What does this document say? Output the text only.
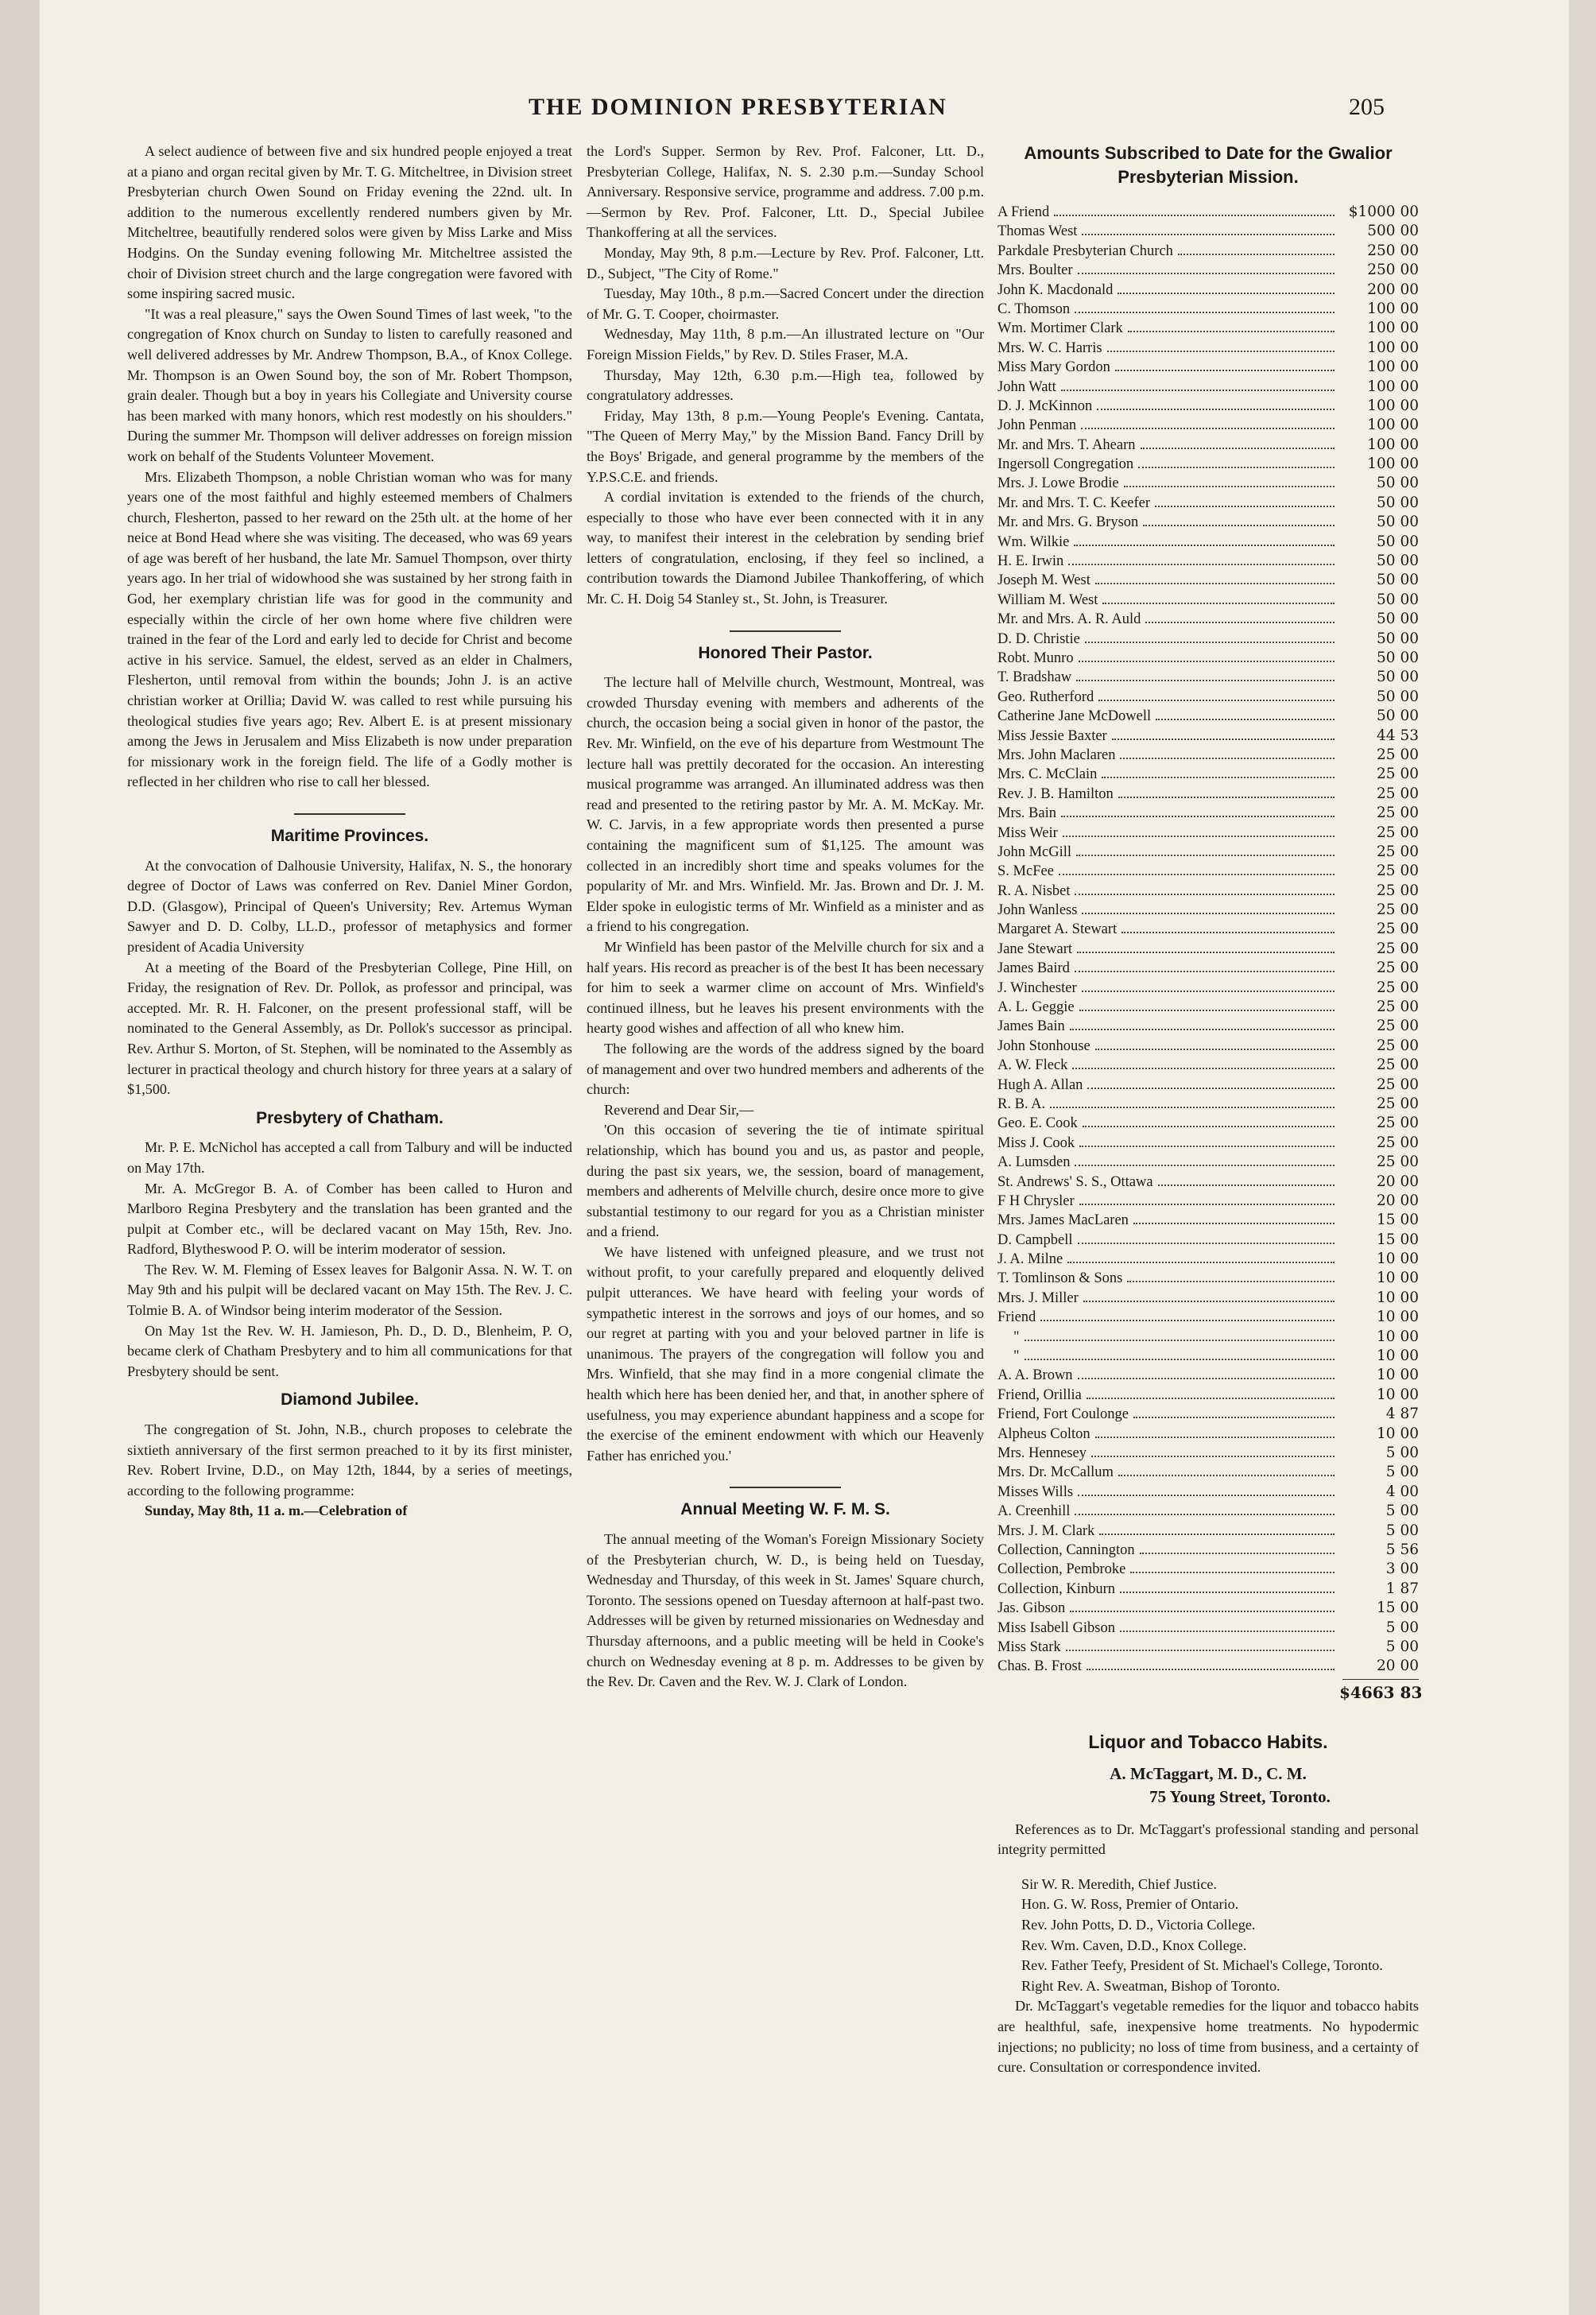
THE DOMINION PRESBYTERIAN	205

A select audience of between five and six hundred people enjoyed a treat at a piano and organ recital given by Mr. T. G. Mitcheltree, in Division street Presbyterian church Owen Sound on Friday evening the 22nd. ult. In addition to the numerous excellently rendered numbers given by Mr. Mitcheltree, beautifully rendered solos were given by Miss Larke and Miss Hodgins. On the Sunday evening following Mr. Mitcheltree assisted the choir of Division street church and the large congregation were favored with some inspiring sacred music.

"It was a real pleasure," says the Owen Sound Times of last week, "to the congregation of Knox church on Sunday to listen to carefully reasoned and well delivered addresses by Mr. Andrew Thompson, B.A., of Knox College. Mr. Thompson is an Owen Sound boy, the son of Mr. Robert Thompson, grain dealer. Though but a boy in years his Collegiate and University course has been marked with many honors, which rest modestly on his shoulders." During the summer Mr. Thompson will deliver addresses on foreign mission work on behalf of the Students Volunteer Movement.

Mrs. Elizabeth Thompson, a noble Christian woman who was for many years one of the most faithful and highly esteemed members of Chalmers church, Flesherton, passed to her reward on the 25th ult. at the home of her neice at Bond Head where she was visiting. The deceased, who was 69 years of age was bereft of her husband, the late Mr. Samuel Thompson, over thirty years ago. In her trial of widowhood she was sustained by her strong faith in God, her exemplary christian life was for good in the community and especially within the circle of her own home where five children were trained in the fear of the Lord and early led to decide for Christ and become active in his service. Samuel, the eldest, served as an elder in Chalmers, Flesherton, until removal from within the bounds; John J. is an active christian worker at Orillia; David W. was called to rest while pursuing his theological studies five years ago; Rev. Albert E. is at present missionary among the Jews in Jerusalem and Miss Elizabeth is now under preparation for missionary work in the foreign field. The life of a Godly mother is reflected in her children who rise to call her blessed.

Maritime Provinces.

At the convocation of Dalhousie University, Halifax, N. S., the honorary degree of Doctor of Laws was conferred on Rev. Daniel Miner Gordon, D.D. (Glasgow), Principal of Queen's University; Rev. Artemus Wyman Sawyer and D. D. Colby, LL.D., professor of metaphysics and former president of Acadia University

At a meeting of the Board of the Presbyterian College, Pine Hill, on Friday, the resignation of Rev. Dr. Pollok, as professor and principal, was accepted. Mr. R. H. Falconer, on the present professional staff, will be nominated to the General Assembly, as Dr. Pollok's successor as principal. Rev. Arthur S. Morton, of St. Stephen, will be nominated to the Assembly as lecturer in practical theology and church history for three years at a salary of $1,500.

Presbytery of Chatham.

Mr. P. E. McNichol has accepted a call from Talbury and will be inducted on May 17th.

Mr. A. McGregor B. A. of Comber has been called to Huron and Marlboro Regina Presbytery and the translation has been granted and the pulpit at Comber etc., will be declared vacant on May 15th, Rev. Jno. Radford, Blytheswood P. O. will be interim moderator of session.

The Rev. W. M. Fleming of Essex leaves for Balgonir Assa. N. W. T. on May 9th and his pulpit will be declared vacant on May 15th. The Rev. J. C. Tolmie B. A. of Windsor being interim moderator of the Session.

On May 1st the Rev. W. H. Jamieson, Ph. D., D. D., Blenheim, P. O, became clerk of Chatham Presbytery and to him all communications for that Presbytery should be sent.

Diamond Jubilee.

The congregation of St. John, N.B., church proposes to celebrate the sixtieth anniversary of the first sermon preached to it by its first minister, Rev. Robert Irvine, D.D., on May 12th, 1844, by a series of meetings, according to the following programme:

Sunday, May 8th, 11 a. m.—Celebration of

the Lord's Supper. Sermon by Rev. Prof. Falconer, Ltt. D., Presbyterian College, Halifax, N. S. 2.30 p.m.—Sunday School Anniversary. Responsive service, programme and address. 7.00 p.m.—Sermon by Rev. Prof. Falconer, Ltt. D., Special Jubilee Thankoffering at all the services.

Monday, May 9th, 8 p.m.—Lecture by Rev. Prof. Falconer, Ltt. D., Subject, "The City of Rome."

Tuesday, May 10th., 8 p.m.—Sacred Concert under the direction of Mr. G. T. Cooper, choirmaster.

Wednesday, May 11th, 8 p.m.—An illustrated lecture on "Our Foreign Mission Fields," by Rev. D. Stiles Fraser, M.A.

Thursday, May 12th, 6.30 p.m.—High tea, followed by congratulatory addresses.

Friday, May 13th, 8 p.m.—Young People's Evening. Cantata, "The Queen of Merry May," by the Mission Band. Fancy Drill by the Boys' Brigade, and general programme by the members of the Y.P.S.C.E. and friends.

A cordial invitation is extended to the friends of the church, especially to those who have ever been connected with it in any way, to manifest their interest in the celebration by sending brief letters of congratulation, enclosing, if they feel so inclined, a contribution towards the Diamond Jubilee Thankoffering, of which Mr. C. H. Doig 54 Stanley st., St. John, is Treasurer.

Honored Their Pastor.

The lecture hall of Melville church, Westmount, Montreal, was crowded Thursday evening with members and adherents of the church, the occasion being a social given in honor of the pastor, the Rev. Mr. Winfield, on the eve of his departure from Westmount The lecture hall was prettily decorated for the occasion. An interesting musical programme was arranged. An illuminated address was then read and presented to the retiring pastor by Mr. A. M. McKay. Mr. W. C. Jarvis, in a few appropriate words then presented a purse containing the magnificent sum of $1,125. The amount was collected in an incredibly short time and speaks volumes for the popularity of Mr. and Mrs. Winfield. Mr. Jas. Brown and Dr. J. M. Elder spoke in eulogistic terms of Mr. Winfield as a minister and as a friend to his congregation.

Mr Winfield has been pastor of the Melville church for six and a half years. His record as preacher is of the best It has been necessary for him to seek a warmer clime on account of Mrs. Winfield's continued illness, but he leaves his present environments with the hearty good wishes and affection of all who knew him.

The following are the words of the address signed by the board of management and over two hundred members and adherents of the church:

Reverend and Dear Sir,—

'On this occasion of severing the tie of intimate spiritual relationship, which has bound you and us, as pastor and people, during the past six years, we, the session, board of management, members and adherents of Melville church, desire once more to give substantial testimony to our regard for you as a Christian minister and a friend.

We have listened with unfeigned pleasure, and we trust not without profit, to your carefully prepared and eloquently delived pulpit utterances. We have heard with feeling your words of sympathetic interest in the sorrows and joys of our homes, and so our regret at parting with you and your beloved partner in life is unanimous. The prayers of the congregation will follow you and Mrs. Winfield, that she may find in a more congenial climate the health which here has been denied her, and that, in another sphere of usefulness, you may experience abundant happiness and a scope for the exercise of the eminent endowment with which our Heavenly Father has enriched you.'

Annual Meeting W. F. M. S.

The annual meeting of the Woman's Foreign Missionary Society of the Presbyterian church, W. D., is being held on Tuesday, Wednesday and Thursday, of this week in St. James' Square church, Toronto. The sessions opened on Tuesday afternoon at half-past two. Addresses will be given by returned missionaries on Wednesday and Thursday afternoons, and a public meeting will be held in Cooke's church on Wednesday evening at 8 p. m. Addresses to be given by the Rev. Dr. Caven and the Rev. W. J. Clark of London.

Amounts Subscribed to Date for the Gwalior Presbyterian Mission.
A Friend	$1000 00
Thomas West	500 00
Parkdale Presbyterian Church	250 00
Mrs. Boulter	250 00
John K. Macdonald	200 00
C. Thomson	100 00
Wm. Mortimer Clark	100 00
Mrs. W. C. Harris	100 00
Miss Mary Gordon	100 00
John Watt	100 00
D. J. McKinnon	100 00
John Penman	100 00
Mr. and Mrs. T. Ahearn	100 00
Ingersoll Congregation	100 00
Mrs. J. Lowe Brodie	50 00
Mr. and Mrs. T. C. Keefer	50 00
Mr. and Mrs. G. Bryson	50 00
Wm. Wilkie	50 00
H. E. Irwin	50 00
Joseph M. West	50 00
William M. West	50 00
Mr. and Mrs. A. R. Auld	50 00
D. D. Christie	50 00
Robt. Munro	50 00
T. Bradshaw	50 00
Geo. Rutherford	50 00
Catherine Jane McDowell	50 00
Miss Jessie Baxter	44 53
Mrs. John Maclaren	25 00
Mrs. C. McClain	25 00
Rev. J. B. Hamilton	25 00
Mrs. Bain	25 00
Miss Weir	25 00
John McGill	25 00
S. McFee	25 00
R. A. Nisbet	25 00
John Wanless	25 00
Margaret A. Stewart	25 00
Jane Stewart	25 00
James Baird	25 00
J. Winchester	25 00
A. L. Geggie	25 00
James Bain	25 00
John Stonhouse	25 00
A. W. Fleck	25 00
Hugh A. Allan	25 00
R. B. A.	25 00
Geo. E. Cook	25 00
Miss J. Cook	25 00
A. Lumsden	25 00
St. Andrews' S. S., Ottawa	20 00
F H Chrysler	20 00
Mrs. James MacLaren	15 00
D. Campbell	15 00
J. A. Milne	10 00
T. Tomlinson & Sons	10 00
Mrs. J. Miller	10 00
Friend	10 00
"	10 00
"	10 00
A. A. Brown	10 00
Friend, Orillia	10 00
Friend, Fort Coulonge	4 87
Alpheus Colton	10 00
Mrs. Hennesey	5 00
Mrs. Dr. McCallum	5 00
Misses Wills	4 00
A. Creenhill	5 00
Mrs. J. M. Clark	5 00
Collection, Cannington	5 56
Collection, Pembroke	3 00
Collection, Kinburn	1 87
Jas. Gibson	15 00
Miss Isabell Gibson	5 00
Miss Stark	5 00
Chas. B. Frost	20 00
$4663 83
Liquor and Tobacco Habits.
A. McTaggart, M. D., C. M.
75 Young Street, Toronto.

References as to Dr. McTaggart's professional standing and personal integrity permitted

Sir W. R. Meredith, Chief Justice.
Hon. G. W. Ross, Premier of Ontario.
Rev. John Potts, D. D., Victoria College.
Rev. Wm. Caven, D.D., Knox College.
Rev. Father Teefy, President of St. Michael's College, Toronto.
Right Rev. A. Sweatman, Bishop of Toronto.

Dr. McTaggart's vegetable remedies for the liquor and tobacco habits are healthful, safe, inexpensive home treatments. No hypodermic injections; no publicity; no loss of time from business, and a certainty of cure. Consultation or correspondence invited.
